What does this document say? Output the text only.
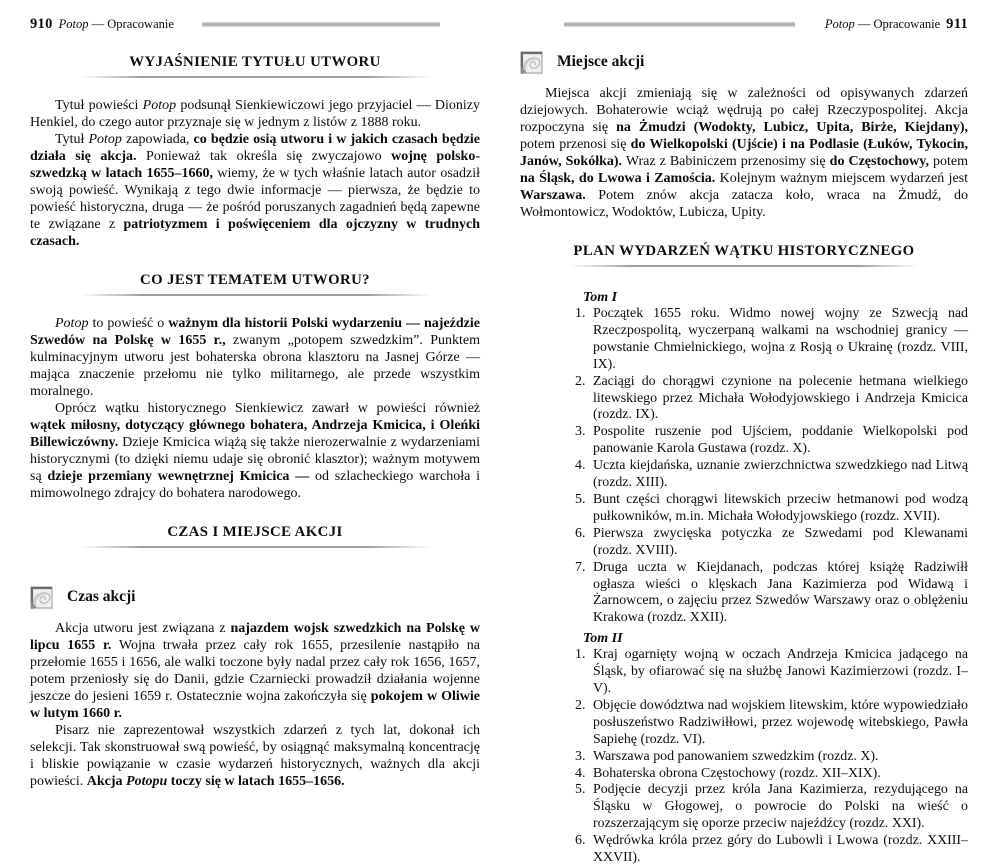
910 Potop — Opracowanie
WYJAŚNIENIE TYTUŁU UTWORU

Tytuł powieści Potop podsunął Sienkiewiczowi jego przyjaciel — Dionizy Henkiel, do czego autor przyznaje się w jednym z listów z 1888 roku.

Tytuł Potop zapowiada, co będzie osią utworu i w jakich czasach będzie działa się akcja. Ponieważ tak określa się zwyczajowo wojnę polsko-szwedzką w latach 1655–1660, wiemy, że w tych właśnie latach autor osadził swoją powieść. Wynikają z tego dwie informacje — pierwsza, że będzie to powieść historyczna, druga — że pośród poruszanych zagadnień będą zapewne te związane z patriotyzmem i poświęceniem dla ojczyzny w trudnych czasach.

CO JEST TEMATEM UTWORU?

Potop to powieść o ważnym dla historii Polski wydarzeniu — najeździe Szwedów na Polskę w 1655 r., zwanym „potopem szwedzkim”. Punktem kulminacyjnym utworu jest bohaterska obrona klasztoru na Jasnej Górze — mająca znaczenie przełomu nie tylko militarnego, ale przede wszystkim moralnego.

Oprócz wątku historycznego Sienkiewicz zawarł w powieści również wątek miłosny, dotyczący głównego bohatera, Andrzeja Kmicica, i Oleńki Billewiczówny. Dzieje Kmicica wiążą się także nierozerwalnie z wydarzeniami historycznymi (to dzięki niemu udaje się obronić klasztor); ważnym motywem są dzieje przemiany wewnętrznej Kmicica — od szlacheckiego warchoła i mimowolnego zdrajcy do bohatera narodowego.

CZAS I MIEJSCE AKCJI
Czas akcji

Akcja utworu jest związana z najazdem wojsk szwedzkich na Polskę w lipcu 1655 r. Wojna trwała przez cały rok 1655, przesilenie nastąpiło na przełomie 1655 i 1656, ale walki toczone były nadal przez cały rok 1656, 1657, potem przeniosły się do Danii, gdzie Czarniecki prowadził działania wojenne jeszcze do jesieni 1659 r. Ostatecznie wojna zakończyła się pokojem w Oliwie w lutym 1660 r.

Pisarz nie zaprezentował wszystkich zdarzeń z tych lat, dokonał ich selekcji. Tak skonstruował swą powieść, by osiągnąć maksymalną koncentrację i bliskie powiązanie w czasie wydarzeń historycznych, ważnych dla akcji powieści. Akcja Potopu toczy się w latach 1655–1656.

Potop — Opracowanie 911
Miejsce akcji

Miejsca akcji zmieniają się w zależności od opisywanych zdarzeń dziejowych. Bohaterowie wciąż wędrują po całej Rzeczypospolitej. Akcja rozpoczyna się na Żmudzi (Wodokty, Lubicz, Upita, Birże, Kiejdany), potem przenosi się do Wielkopolski (Ujście) i na Podlasie (Łuków, Tykocin, Janów, Sokółka). Wraz z Babiniczem przenosimy się do Częstochowy, potem na Śląsk, do Lwowa i Zamościa. Kolejnym ważnym miejscem wydarzeń jest Warszawa. Potem znów akcja zatacza koło, wraca na Żmudź, do Wołmontowicz, Wodoktów, Lubicza, Upity.

PLAN WYDARZEŃ WĄTKU HISTORYCZNEGO

Tom I

1. Początek 1655 roku. Widmo nowej wojny ze Szwecją nad Rzeczpospolitą, wyczerpaną walkami na wschodniej granicy — powstanie Chmielnickiego, wojna z Rosją o Ukrainę (rozdz. VIII, IX).
2. Zaciągi do chorągwi czynione na polecenie hetmana wielkiego litewskiego przez Michała Wołodyjowskiego i Andrzeja Kmicica (rozdz. IX).
3. Pospolite ruszenie pod Ujściem, poddanie Wielkopolski pod panowanie Karola Gustawa (rozdz. X).
4. Uczta kiejdańska, uznanie zwierzchnictwa szwedzkiego nad Litwą (rozdz. XIII).
5. Bunt części chorągwi litewskich przeciw hetmanowi pod wodzą pułkowników, m.in. Michała Wołodyjowskiego (rozdz. XVII).
6. Pierwsza zwycięska potyczka ze Szwedami pod Klewanami (rozdz. XVIII).
7. Druga uczta w Kiejdanach, podczas której książę Radziwiłł ogłasza wieści o klęskach Jana Kazimierza pod Widawą i Żarnowcem, o zajęciu przez Szwedów Warszawy oraz o oblężeniu Krakowa (rozdz. XXII).

Tom II

1. Kraj ogarnięty wojną w oczach Andrzeja Kmicica jadącego na Śląsk, by ofiarować się na służbę Janowi Kazimierzowi (rozdz. I–V).
2. Objęcie dowództwa nad wojskiem litewskim, które wypowiedziało posłuszeństwo Radziwiłłowi, przez wojewodę witebskiego, Pawła Sapiehę (rozdz. VI).
3. Warszawa pod panowaniem szwedzkim (rozdz. X).
4. Bohaterska obrona Częstochowy (rozdz. XII–XIX).
5. Podjęcie decyzji przez króla Jana Kazimierza, rezydującego na Śląsku w Głogowej, o powrocie do Polski na wieść o rozszerzającym się oporze przeciw najeźdźcy (rozdz. XXI).
6. Wędrówka króla przez góry do Lubowli i Lwowa (rozdz. XXIII–XXVII).
